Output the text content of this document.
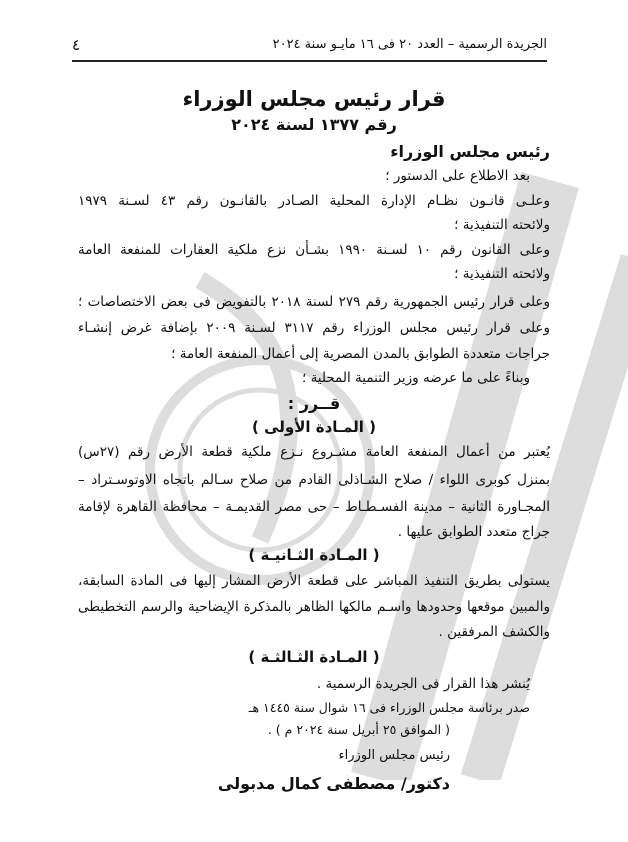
الجريدة الرسمية – العدد ٢٠ فى ١٦ مايـو سنة ٢٠٢٤
٤
قرار رئيس مجلس الوزراء
رقم ١٣٧٧ لسنة ٢٠٢٤
رئيس مجلس الوزراء
بعد الاطلاع على الدستور ؛
وعلـى قانـون نظـام الإدارة المحلية الصـادر بالقانـون رقم ٤٣ لسـنة ١٩٧٩
ولائحته التنفيذية ؛
وعلى القانون رقم ١٠ لسـنة ١٩٩٠ بشـأن نزع ملكية العقارات للمنفعة العامة
ولائحته التنفيذية ؛
وعلى قرار رئيس الجمهورية رقم ٢٧٩ لسنة ٢٠١٨ بالتفويض فى بعض الاختصاصات ؛
وعلى قرار رئيس مجلس الوزراء رقم ٣١١٧ لسـنة ٢٠٠٩ بإضافة غرض إنشـاء
جراجات متعددة الطوابق بالمدن المصرية إلى أعمال المنفعة العامة ؛
وبناءً على ما عرضه وزير التنمية المحلية ؛
قــرر :
( المـادة الأولى )
يُعتبر من أعمال المنفعة العامة مشـروع نـزع ملكية قطعة الأرض رقم (٢٧س)
بمنزل كوبرى اللواء / صلاح الشـاذلى القادم من صلاح سـالم باتجاه الاوتوسـتراد –
المجـاورة الثانية – مدينة الفسـطـاط – حى مصر القديمـة – محافظة القاهرة لإقامة
جراج متعدد الطوابق عليها .
( المـادة الثـانيـة )
يستولى بطريق التنفيذ المباشر على قطعة الأرض المشار إليها فى المادة السابقة،
والمبين موقعها وحدودها واسـم مالكها الظاهر بالمذكرة الإيضاحية والرسم التخطيطى
والكشف المرفقين .
( المـادة الثـالثـة )
يُنشر هذا القرار فى الجريدة الرسمية .
صدر برئاسة مجلس الوزراء فى ١٦ شوال سنة ١٤٤٥ هـ
( الموافق ٢٥ أبريل سنة ٢٠٢٤ م ) .
رئيس مجلس الوزراء
دكتور/ مصطفى كمال مدبولى
